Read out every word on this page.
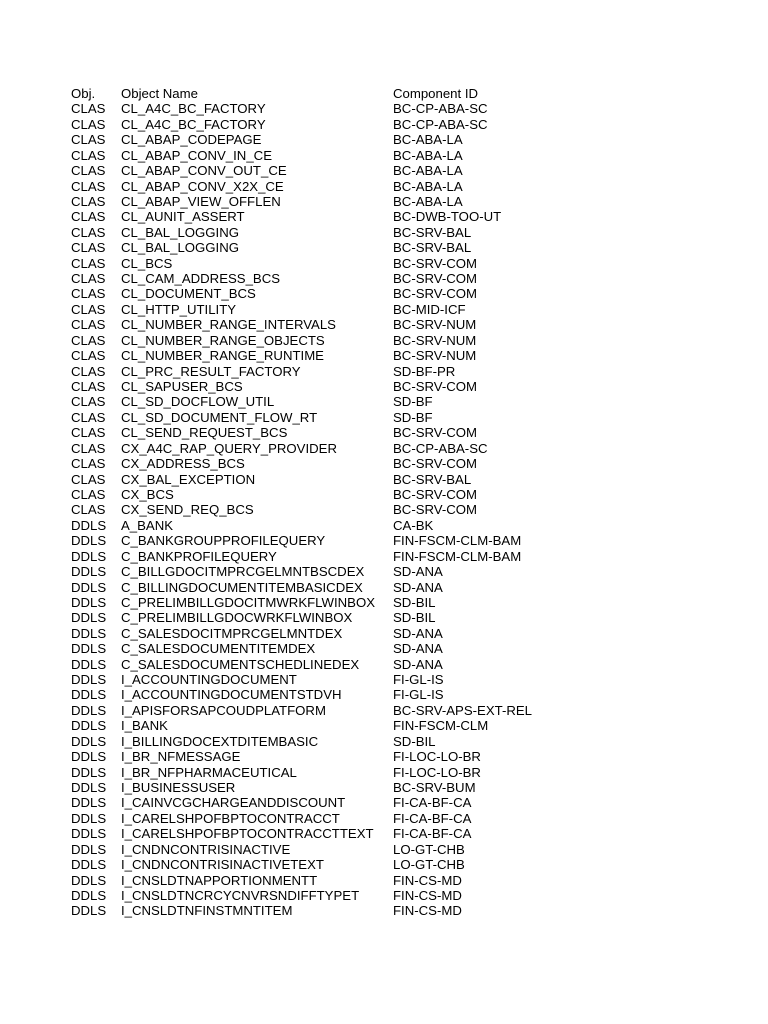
Obj.	Object Name	Component ID
CLAS	CL_A4C_BC_FACTORY	BC-CP-ABA-SC
CLAS	CL_A4C_BC_FACTORY	BC-CP-ABA-SC
CLAS	CL_ABAP_CODEPAGE	BC-ABA-LA
CLAS	CL_ABAP_CONV_IN_CE	BC-ABA-LA
CLAS	CL_ABAP_CONV_OUT_CE	BC-ABA-LA
CLAS	CL_ABAP_CONV_X2X_CE	BC-ABA-LA
CLAS	CL_ABAP_VIEW_OFFLEN	BC-ABA-LA
CLAS	CL_AUNIT_ASSERT	BC-DWB-TOO-UT
CLAS	CL_BAL_LOGGING	BC-SRV-BAL
CLAS	CL_BAL_LOGGING	BC-SRV-BAL
CLAS	CL_BCS	BC-SRV-COM
CLAS	CL_CAM_ADDRESS_BCS	BC-SRV-COM
CLAS	CL_DOCUMENT_BCS	BC-SRV-COM
CLAS	CL_HTTP_UTILITY	BC-MID-ICF
CLAS	CL_NUMBER_RANGE_INTERVALS	BC-SRV-NUM
CLAS	CL_NUMBER_RANGE_OBJECTS	BC-SRV-NUM
CLAS	CL_NUMBER_RANGE_RUNTIME	BC-SRV-NUM
CLAS	CL_PRC_RESULT_FACTORY	SD-BF-PR
CLAS	CL_SAPUSER_BCS	BC-SRV-COM
CLAS	CL_SD_DOCFLOW_UTIL	SD-BF
CLAS	CL_SD_DOCUMENT_FLOW_RT	SD-BF
CLAS	CL_SEND_REQUEST_BCS	BC-SRV-COM
CLAS	CX_A4C_RAP_QUERY_PROVIDER	BC-CP-ABA-SC
CLAS	CX_ADDRESS_BCS	BC-SRV-COM
CLAS	CX_BAL_EXCEPTION	BC-SRV-BAL
CLAS	CX_BCS	BC-SRV-COM
CLAS	CX_SEND_REQ_BCS	BC-SRV-COM
DDLS	A_BANK	CA-BK
DDLS	C_BANKGROUPPROFILEQUERY	FIN-FSCM-CLM-BAM
DDLS	C_BANKPROFILEQUERY	FIN-FSCM-CLM-BAM
DDLS	C_BILLGDOCITMPRCGELMNTBSCDEX	SD-ANA
DDLS	C_BILLINGDOCUMENTITEMBASICDEX	SD-ANA
DDLS	C_PRELIMBILLGDOCITMWRKFLWINBOX	SD-BIL
DDLS	C_PRELIMBILLGDOCWRKFLWINBOX	SD-BIL
DDLS	C_SALESDOCITMPRCGELMNTDEX	SD-ANA
DDLS	C_SALESDOCUMENTITEMDEX	SD-ANA
DDLS	C_SALESDOCUMENTSCHEDLINEDEX	SD-ANA
DDLS	I_ACCOUNTINGDOCUMENT	FI-GL-IS
DDLS	I_ACCOUNTINGDOCUMENTSTDVH	FI-GL-IS
DDLS	I_APISFORSAPCOUDPLATFORM	BC-SRV-APS-EXT-REL
DDLS	I_BANK	FIN-FSCM-CLM
DDLS	I_BILLINGDOCEXTDITEMBASIC	SD-BIL
DDLS	I_BR_NFMESSAGE	FI-LOC-LO-BR
DDLS	I_BR_NFPHARMACEUTICAL	FI-LOC-LO-BR
DDLS	I_BUSINESSUSER	BC-SRV-BUM
DDLS	I_CAINVCGCHARGEANDDISCOUNT	FI-CA-BF-CA
DDLS	I_CARELSHPOFBPTOCONTRACCT	FI-CA-BF-CA
DDLS	I_CARELSHPOFBPTOCONTRACCTTEXT	FI-CA-BF-CA
DDLS	I_CNDNCONTRISINACTIVE	LO-GT-CHB
DDLS	I_CNDNCONTRISINACTIVETEXT	LO-GT-CHB
DDLS	I_CNSLDTNAPPORTIONMENTT	FIN-CS-MD
DDLS	I_CNSLDTNCRCYCNVRSNDIFFTYPET	FIN-CS-MD
DDLS	I_CNSLDTNFINSTMNTITEM	FIN-CS-MD
